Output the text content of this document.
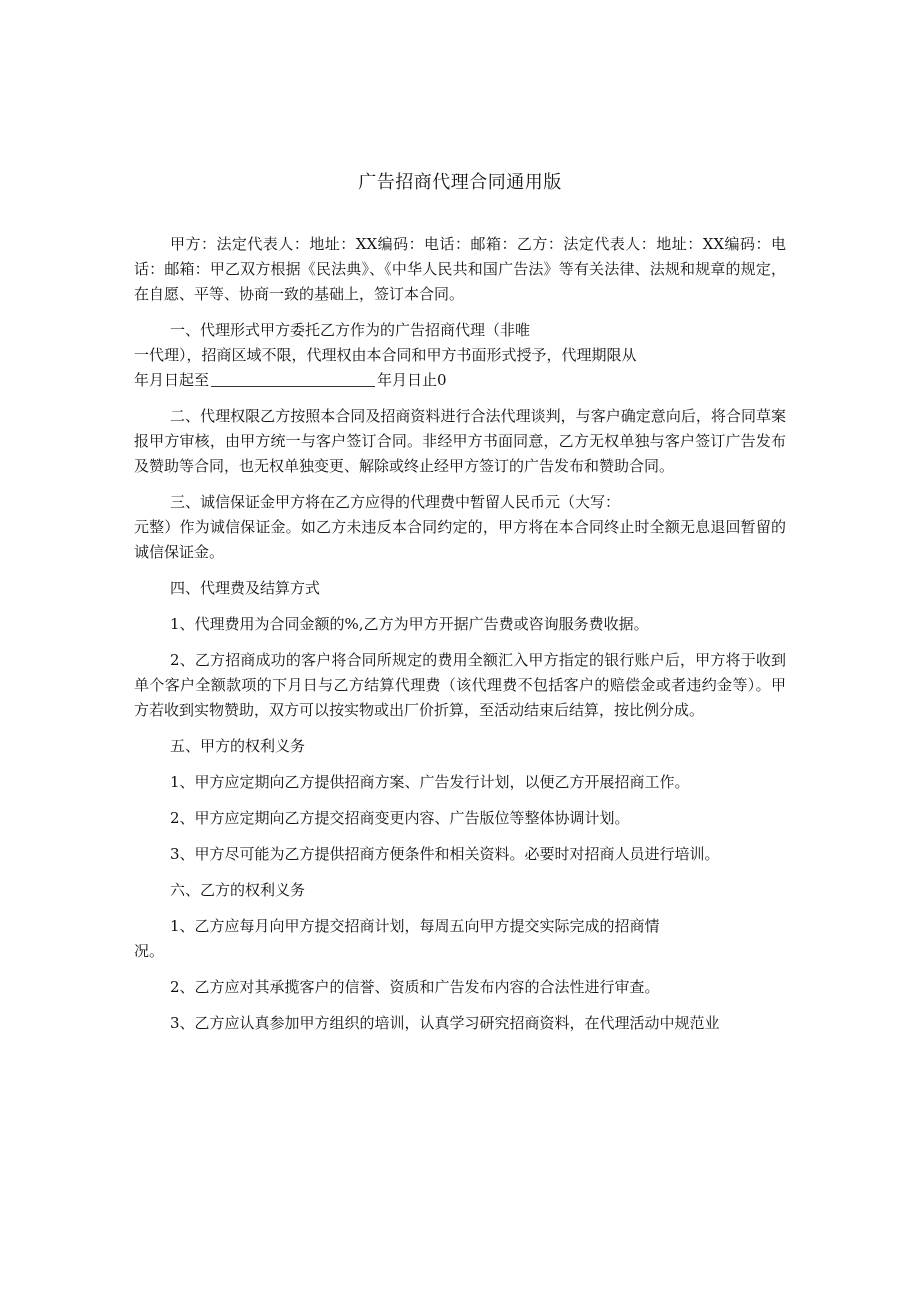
广告招商代理合同通用版

甲方：法定代表人：地址：XX编码：电话：邮箱：乙方：法定代表人：地址：XX编码：电话：邮箱：甲乙双方根据《民法典》、《中华人民共和国广告法》等有关法律、法规和规章的规定，在自愿、平等、协商一致的基础上，签订本合同。

一、代理形式甲方委托乙方作为的广告招商代理（非唯
一代理），招商区域不限，代理权由本合同和甲方书面形式授予，代理期限从
年月日起至	年月日止0

二、代理权限乙方按照本合同及招商资料进行合法代理谈判，与客户确定意向后，将合同草案报甲方审核，由甲方统一与客户签订合同。非经甲方书面同意，乙方无权单独与客户签订广告发布及赞助等合同，也无权单独变更、解除或终止经甲方签订的广告发布和赞助合同。

三、诚信保证金甲方将在乙方应得的代理费中暂留人民币元（大写：
元整）作为诚信保证金。如乙方未违反本合同约定的，甲方将在本合同终止时全额无息退回暂留的诚信保证金。

四、代理费及结算方式

1、代理费用为合同金额的%,乙方为甲方开据广告费或咨询服务费收据。

2、乙方招商成功的客户将合同所规定的费用全额汇入甲方指定的银行账户后，甲方将于收到单个客户全额款项的下月日与乙方结算代理费（该代理费不包括客户的赔偿金或者违约金等）。甲方若收到实物赞助，双方可以按实物或出厂价折算，至活动结束后结算，按比例分成。

五、甲方的权利义务

1、甲方应定期向乙方提供招商方案、广告发行计划，以便乙方开展招商工作。

2、甲方应定期向乙方提交招商变更内容、广告版位等整体协调计划。

3、甲方尽可能为乙方提供招商方便条件和相关资料。必要时对招商人员进行培训。

六、乙方的权利义务

1、乙方应每月向甲方提交招商计划，每周五向甲方提交实际完成的招商情
况。

2、乙方应对其承揽客户的信誉、资质和广告发布内容的合法性进行审查。

3、乙方应认真参加甲方组织的培训，认真学习研究招商资料，在代理活动中规范业
